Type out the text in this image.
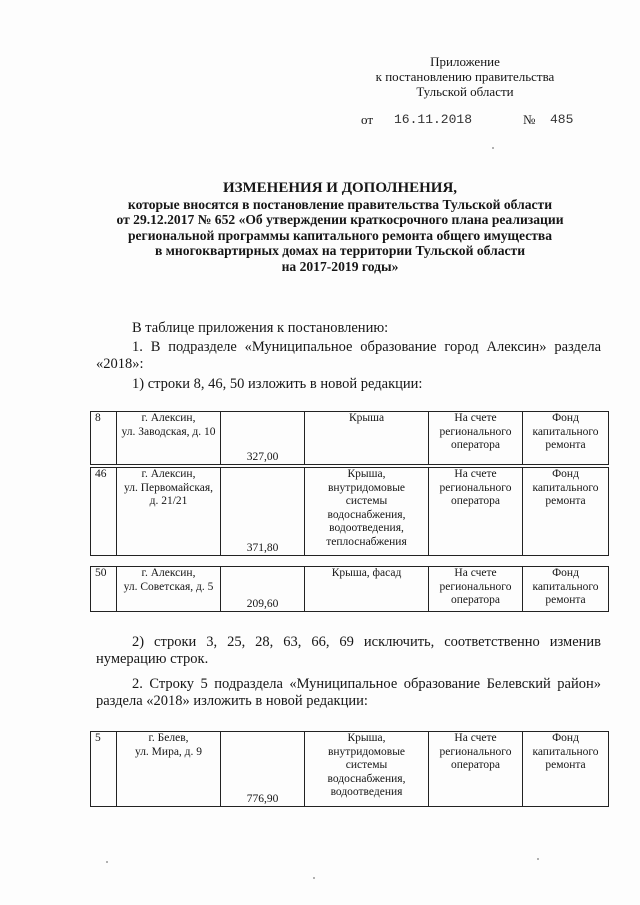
Приложение
к постановлению правительства
Тульской области
от 16.11.2018	№ 485
ИЗМЕНЕНИЯ И ДОПОЛНЕНИЯ,
которые вносятся в постановление правительства Тульской области
от 29.12.2017 № 652 «Об утверждении краткосрочного плана реализации
региональной программы капитального ремонта общего имущества
в многоквартирных домах на территории Тульской области
на 2017-2019 годы»
В таблице приложения к постановлению:
1. В подразделе «Муниципальное образование город Алексин» раздела «2018»:
1) строки 8, 46, 50 изложить в новой редакции:
8	г. Алексин,
ул. Заводская, д. 10
	327,00	Крыша	На счете
регионального
оператора	Фонд
капитального
ремонта
46	г. Алексин,
ул. Первомайская,
д. 21/21	371,80	Крыша,
внутридомовые
системы
водоснабжения,
водоотведения,
теплоснабжения	На счете
регионального
оператора	Фонд
капитального
ремонта
50	г. Алексин,
ул. Советская, д. 5	209,60	Крыша, фасад	На счете
регионального
оператора	Фонд
капитального
ремонта
2) строки 3, 25, 28, 63, 66, 69 исключить, соответственно изменив нумерацию строк.
2. Строку 5 подраздела «Муниципальное образование Белевский район» раздела «2018» изложить в новой редакции:
5	г. Белев,
ул. Мира, д. 9	776,90	Крыша,
внутридомовые
системы
водоснабжения,
водоотведения	На счете
регионального
оператора	Фонд
капитального
ремонта
